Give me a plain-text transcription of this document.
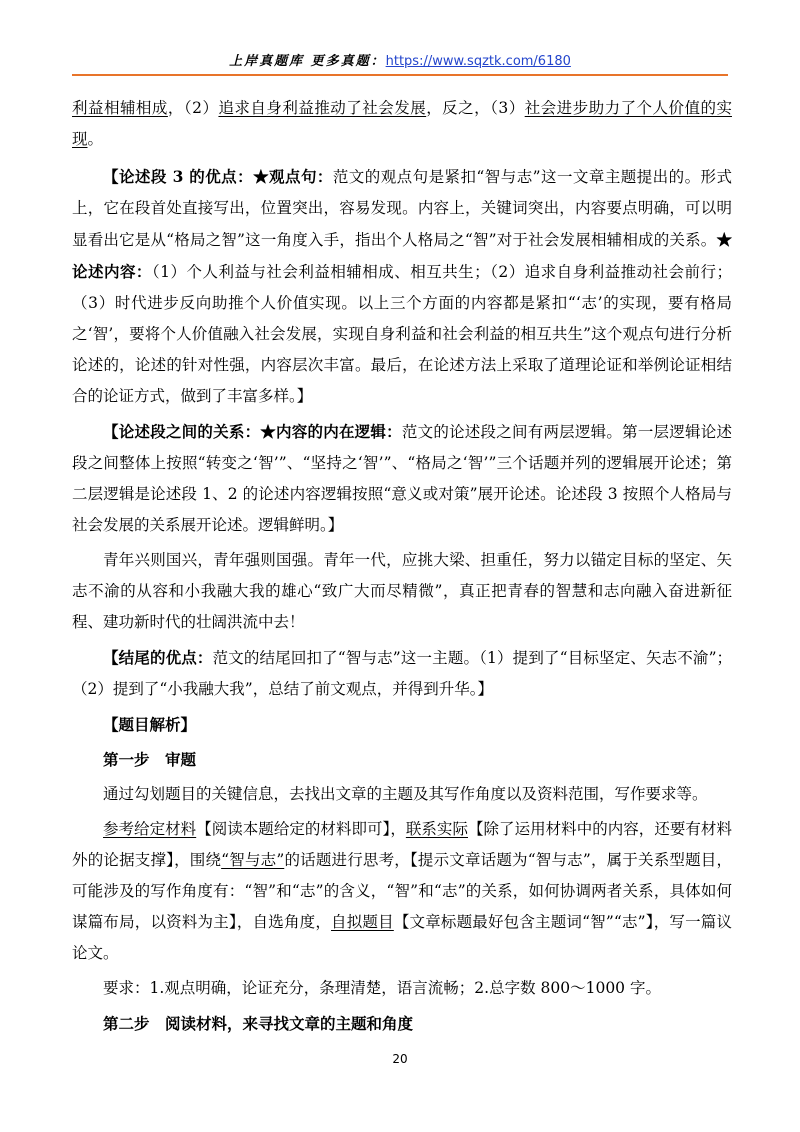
上岸真题库 更多真题：https://www.sqztk.com/6180

利益相辅相成，（2）追求自身利益推动了社会发展，反之，（3）社会进步助力了个人价值的实现。

【论述段 3 的优点：★观点句：范文的观点句是紧扣“智与志”这一文章主题提出的。形式上，它在段首处直接写出，位置突出，容易发现。内容上，关键词突出，内容要点明确，可以明显看出它是从“格局之智”这一角度入手，指出个人格局之“智”对于社会发展相辅相成的关系。★论述内容：（1）个人利益与社会利益相辅相成、相互共生；（2）追求自身利益推动社会前行；（3）时代进步反向助推个人价值实现。以上三个方面的内容都是紧扣“‘志’的实现，要有格局之‘智’，要将个人价值融入社会发展，实现自身利益和社会利益的相互共生”这个观点句进行分析论述的，论述的针对性强，内容层次丰富。最后，在论述方法上采取了道理论证和举例论证相结合的论证方式，做到了丰富多样。】

【论述段之间的关系：★内容的内在逻辑：范文的论述段之间有两层逻辑。第一层逻辑论述段之间整体上按照“转变之‘智’”、“坚持之‘智’”、“格局之‘智’”三个话题并列的逻辑展开论述；第二层逻辑是论述段 1、2 的论述内容逻辑按照“意义或对策”展开论述。论述段 3 按照个人格局与社会发展的关系展开论述。逻辑鲜明。】

青年兴则国兴，青年强则国强。青年一代，应挑大梁、担重任，努力以锚定目标的坚定、矢志不渝的从容和小我融大我的雄心“致广大而尽精微”，真正把青春的智慧和志向融入奋进新征程、建功新时代的壮阔洪流中去！

【结尾的优点：范文的结尾回扣了“智与志”这一主题。（1）提到了“目标坚定、矢志不渝”；（2）提到了“小我融大我”，总结了前文观点，并得到升华。】

【题目解析】

第一步　审题

通过勾划题目的关键信息，去找出文章的主题及其写作角度以及资料范围，写作要求等。

参考给定材料【阅读本题给定的材料即可】，联系实际【除了运用材料中的内容，还要有材料外的论据支撑】，围绕“智与志”的话题进行思考，【提示文章话题为“智与志”，属于关系型题目，可能涉及的写作角度有：“智”和“志”的含义，“智”和“志”的关系，如何协调两者关系，具体如何谋篇布局，以资料为主】，自选角度，自拟题目【文章标题最好包含主题词“智”“志”】，写一篇议论文。

要求：1.观点明确，论证充分，条理清楚，语言流畅；2.总字数 800～1000 字。

第二步　阅读材料，来寻找文章的主题和角度

20
